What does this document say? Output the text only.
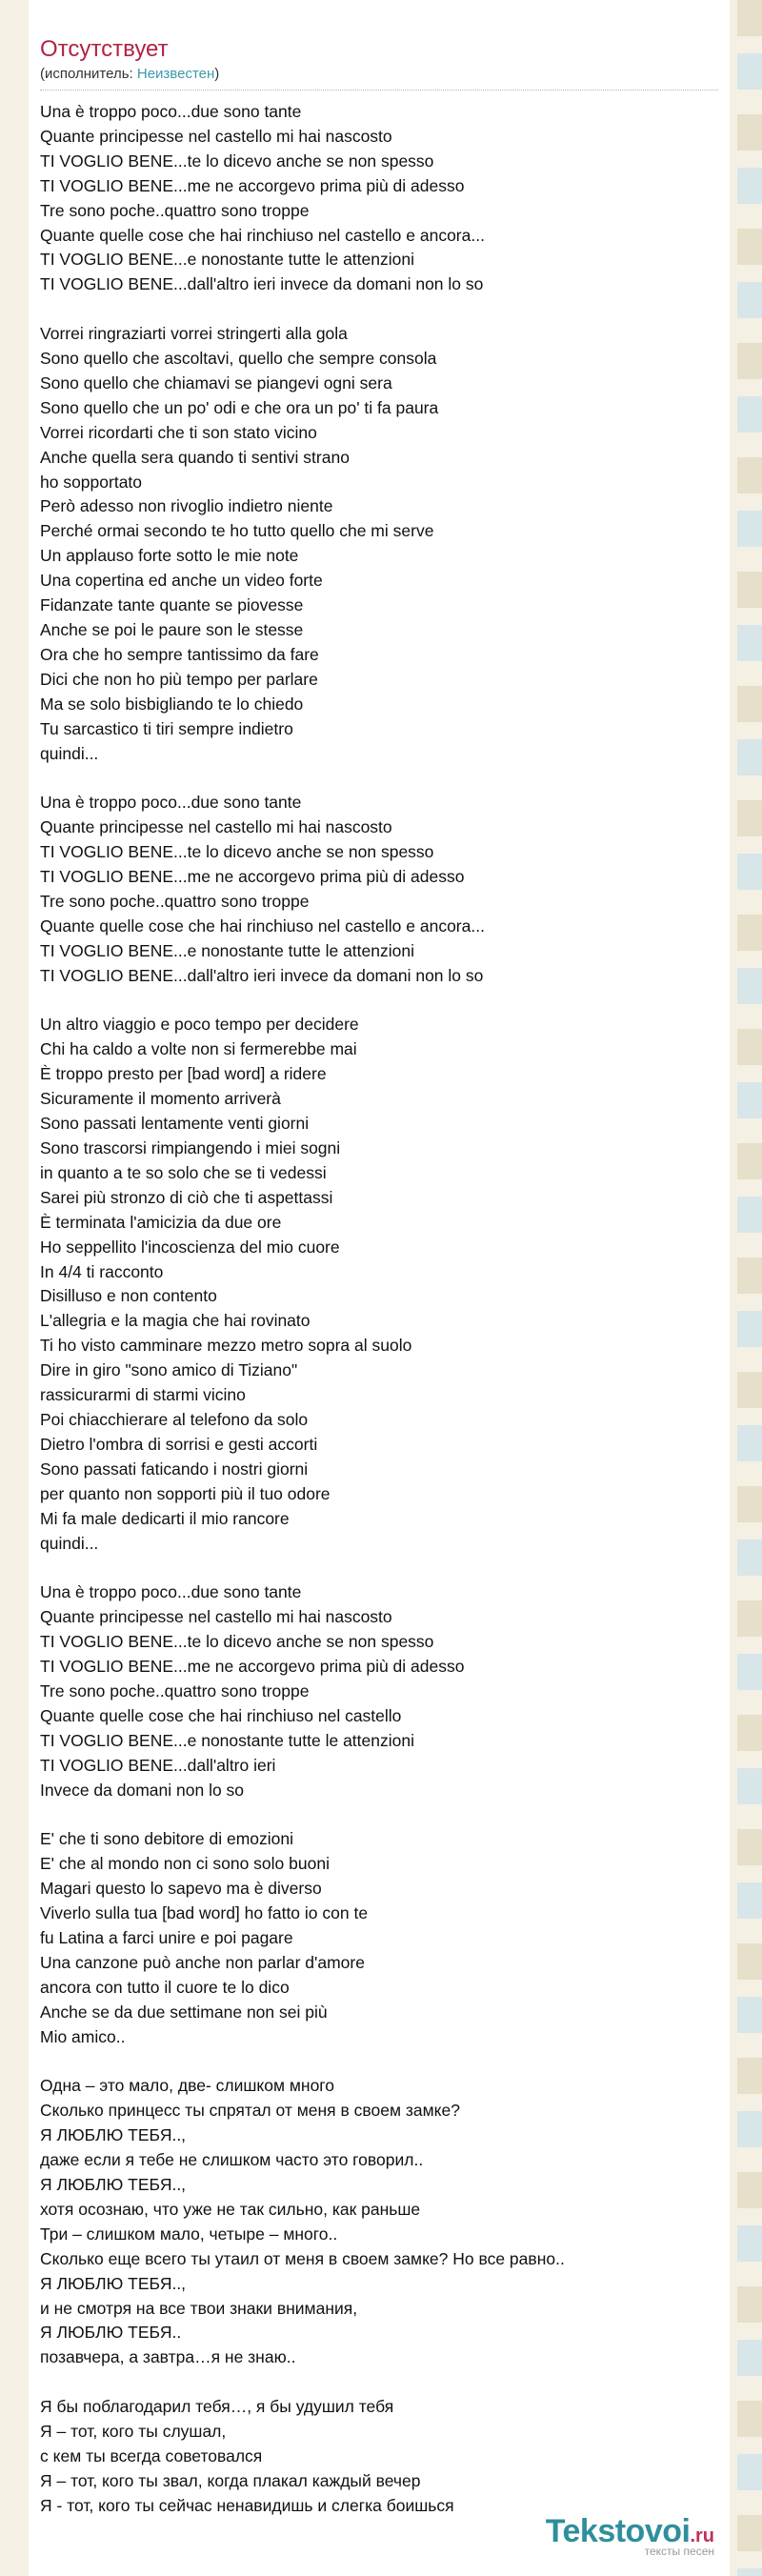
Отсутствует
(исполнитель: Неизвестен)
Una è troppo poco...due sono tante
Quante principesse nel castello mi hai nascosto
TI VOGLIO BENE...te lo dicevo anche se non spesso
TI VOGLIO BENE...me ne accorgevo prima più di adesso
Tre sono poche..quattro sono troppe
Quante quelle cose che hai rinchiuso nel castello e ancora...
TI VOGLIO BENE...e nonostante tutte le attenzioni
TI VOGLIO BENE...dall'altro ieri invece da domani non lo so
Vorrei ringraziarti vorrei stringerti alla gola
Sono quello che ascoltavi, quello che sempre consola
Sono quello che chiamavi se piangevi ogni sera
Sono quello che un po' odi e che ora un po' ti fa paura
Vorrei ricordarti che ti son stato vicino
Anche quella sera quando ti sentivi strano
ho sopportato
Però adesso non rivoglio indietro niente
Perché ormai secondo te ho tutto quello che mi serve
Un applauso forte sotto le mie note
Una copertina ed anche un video forte
Fidanzate tante quante se piovesse
Anche se poi le paure son le stesse
Ora che ho sempre tantissimo da fare
Dici che non ho più tempo per parlare
Ma se solo bisbigliando te lo chiedo
Tu sarcastico ti tiri sempre indietro
quindi...
Una è troppo poco...due sono tante
Quante principesse nel castello mi hai nascosto
TI VOGLIO BENE...te lo dicevo anche se non spesso
TI VOGLIO BENE...me ne accorgevo prima più di adesso
Tre sono poche..quattro sono troppe
Quante quelle cose che hai rinchiuso nel castello e ancora...
TI VOGLIO BENE...e nonostante tutte le attenzioni
TI VOGLIO BENE...dall'altro ieri invece da domani non lo so
Un altro viaggio e poco tempo per decidere
Chi ha caldo a volte non si fermerebbe mai
È troppo presto per [bad word] a ridere
Sicuramente il momento arriverà
Sono passati lentamente venti giorni
Sono trascorsi rimpiangendo i miei sogni
in quanto a te so solo che se ti vedessi
Sarei più stronzo di ciò che ti aspettassi
È terminata l'amicizia da due ore
Ho seppellito l'incoscienza del mio cuore
In 4/4 ti racconto
Disilluso e non contento
L'allegria e la magia che hai rovinato
Ti ho visto camminare mezzo metro sopra al suolo
Dire in giro "sono amico di Tiziano"
rassicurarmi di starmi vicino
Poi chiacchierare al telefono da solo
Dietro l'ombra di sorrisi e gesti accorti
Sono passati faticando i nostri giorni
per quanto non sopporti più il tuo odore
Mi fa male dedicarti il mio rancore
quindi...
Una è troppo poco...due sono tante
Quante principesse nel castello mi hai nascosto
TI VOGLIO BENE...te lo dicevo anche se non spesso
TI VOGLIO BENE...me ne accorgevo prima più di adesso
Tre sono poche..quattro sono troppe
Quante quelle cose che hai rinchiuso nel castello
TI VOGLIO BENE...e nonostante tutte le attenzioni
TI VOGLIO BENE...dall'altro ieri
Invece da domani non lo so
E' che ti sono debitore di emozioni
E' che al mondo non ci sono solo buoni
Magari questo lo sapevo ma è diverso
Viverlo sulla tua [bad word] ho fatto io con te
fu Latina a farci unire e poi pagare
Una canzone può anche non parlar d'amore
ancora con tutto il cuore te lo dico
Anche se da due settimane non sei più
Mio amico..
Одна – это мало, две- слишком много
Сколько принцесс ты спрятал от меня в своем замке?
Я ЛЮБЛЮ ТЕБЯ..,
даже если я тебе не слишком часто это говорил..
Я ЛЮБЛЮ ТЕБЯ..,
хотя осознаю, что уже не так сильно, как раньше
Три – слишком мало, четыре – много..
Сколько еще всего ты утаил от меня в своем замке? Но все равно..
Я ЛЮБЛЮ ТЕБЯ..,
и не смотря на все твои знаки внимания,
Я ЛЮБЛЮ ТЕБЯ..
позавчера, а завтра…я не знаю..
Я бы поблагодарил тебя…, я бы удушил тебя
Я – тот, кого ты слушал,
с кем ты всегда советовался
Я – тот, кого ты звал, когда плакал каждый вечер
Я - тот, кого ты сейчас ненавидишь и слегка боишься
Tekstovoi.ru
тексты песен
